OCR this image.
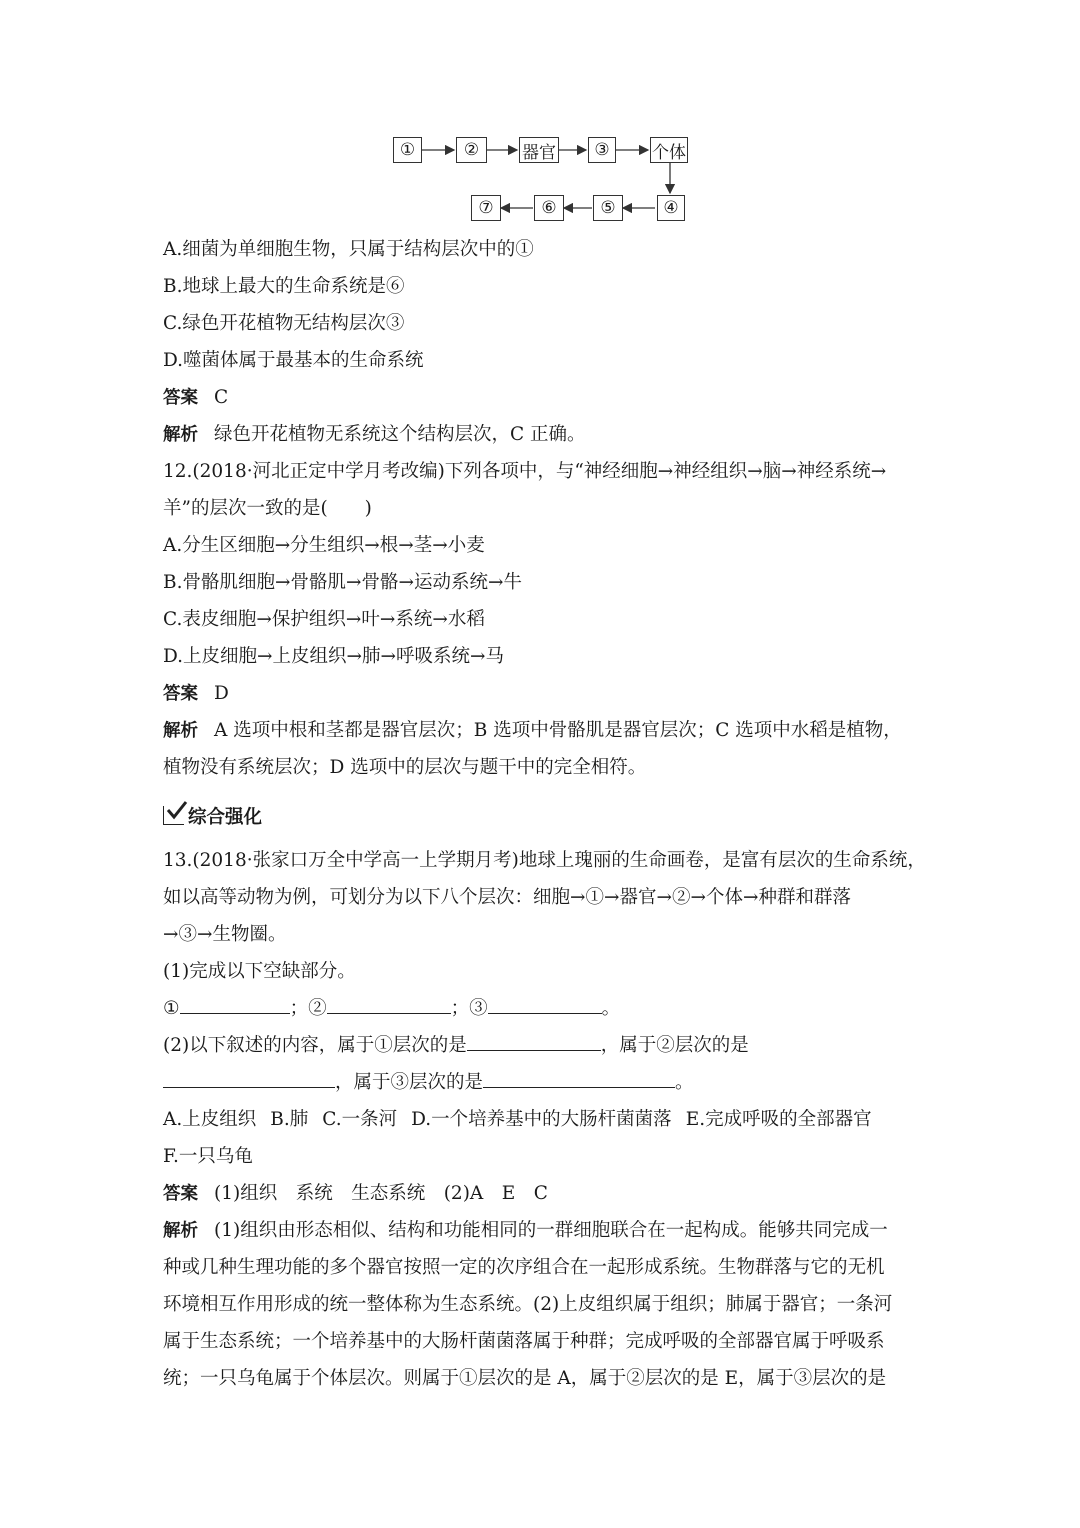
①	②	器官	③	个体
④
⑤
⑥
⑦
A.细菌为单细胞生物，只属于结构层次中的①
B.地球上最大的生命系统是⑥
C.绿色开花植物无结构层次③
D.噬菌体属于最基本的生命系统
答案 C
解析 绿色开花植物无系统这个结构层次，C 正确。
12.(2018·河北正定中学月考改编)下列各项中，与“神经细胞→神经组织→脑→神经系统→
羊”的层次一致的是(　　)
A.分生区细胞→分生组织→根→茎→小麦
B.骨骼肌细胞→骨骼肌→骨骼→运动系统→牛
C.表皮细胞→保护组织→叶→系统→水稻
D.上皮细胞→上皮组织→肺→呼吸系统→马
答案 D
解析 A 选项中根和茎都是器官层次；B 选项中骨骼肌是器官层次；C 选项中水稻是植物，
植物没有系统层次；D 选项中的层次与题干中的完全相符。
综合强化
13.(2018·张家口万全中学高一上学期月考)地球上瑰丽的生命画卷，是富有层次的生命系统，
如以高等动物为例，可划分为以下八个层次：细胞→①→器官→②→个体→种群和群落
→③→生物圈。
(1)完成以下空缺部分。
①	；②	；③	。
(2)以下叙述的内容，属于①层次的是	，属于②层次的是
，属于③层次的是	。
A.上皮组织 B.肺 C.一条河 D.一个培养基中的大肠杆菌菌落 E.完成呼吸的全部器官
F.一只乌龟
答案 (1)组织　系统　生态系统　(2)A　E　C
解析 (1)组织由形态相似、结构和功能相同的一群细胞联合在一起构成。能够共同完成一
种或几种生理功能的多个器官按照一定的次序组合在一起形成系统。生物群落与它的无机
环境相互作用形成的统一整体称为生态系统。(2)上皮组织属于组织；肺属于器官；一条河
属于生态系统；一个培养基中的大肠杆菌菌落属于种群；完成呼吸的全部器官属于呼吸系
统；一只乌龟属于个体层次。则属于①层次的是 A，属于②层次的是 E，属于③层次的是
